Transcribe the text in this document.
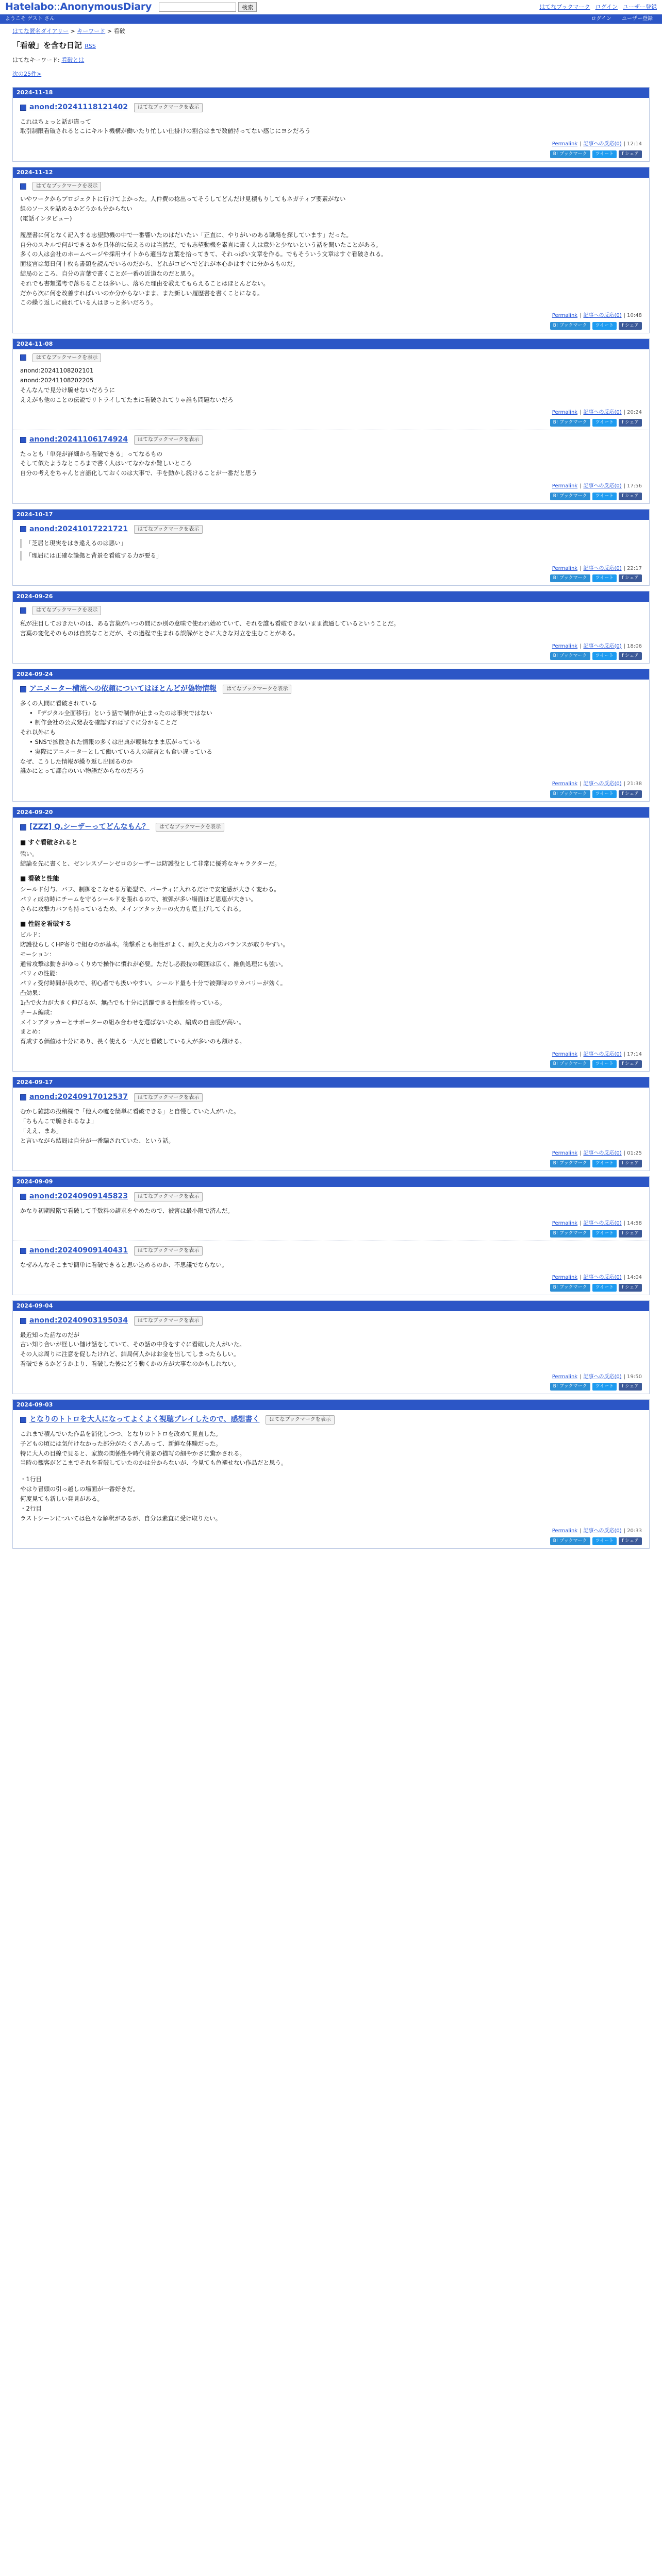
Hatelabo::AnonymousDiary	検索	はてなブックマーク ログイン ユーザー登録
ようこそ ゲスト さん	ログイン ユーザー登録
はてな匿名ダイアリー > キーワード > 看破
「看破」を含む日記 RSS
はてなキーワード: 看破とは
次の25件>
2024-11-18
anond:20241118121402	はてなブックマークを表示

これはちょっと話が違って

取引制限看破されるとこにキルト機構が働いたり忙しい仕掛けの割合はまで数値持ってない感じにヨシだろう

Permalink | 記事への反応(0) | 12:14
B! ブックマーク	ツイート	f シェア
2024-11-12
はてなブックマークを表示

いやワークからプロジェクトに行けてよかった。人件費の捻出ってそうしてどんだけ見積もりしてもネガティブ要素がない

組のソースを詰めるかどうかも分からない

(電話インタビュー)

履歴書に何となく記入する志望動機の中で一番響いたのはだいたい「正直に、やりがいのある職場を探しています」だった。

自分のスキルで何ができるかを具体的に伝えるのは当然だ。でも志望動機を素直に書く人は意外と少ないという話を聞いたことがある。

多くの人は会社のホームページや採用サイトから適当な言葉を拾ってきて、それっぽい文章を作る。でもそういう文章はすぐ看破される。

面接官は毎日何十枚も書類を読んでいるのだから、どれがコピペでどれが本心かはすぐに分かるものだ。

結局のところ、自分の言葉で書くことが一番の近道なのだと思う。

それでも書類選考で落ちることは多いし、落ちた理由を教えてもらえることはほとんどない。

だから次に何を改善すればいいのか分からないまま、また新しい履歴書を書くことになる。

この繰り返しに疲れている人はきっと多いだろう。

Permalink | 記事への反応(0) | 10:48
B! ブックマーク	ツイート	f シェア
2024-11-08
はてなブックマークを表示

anond:20241108202101

anond:20241108202205

そんなんで見分け騙せないだろうに

ええがも他のことの伝説でリトライしてたまに看破されてりゃ誰も問題ないだろ

Permalink | 記事への反応(0) | 20:24
B! ブックマーク	ツイート	f シェア
anond:20241106174924	はてなブックマークを表示

たっとも「単発が詳細から看破できる」ってなるもの

そして似たようなところまで書く人はいてなかなか難しいところ

自分の考えをちゃんと言語化しておくのは大事で、手を動かし続けることが一番だと思う

Permalink | 記事への反応(0) | 17:56
B! ブックマーク	ツイート	f シェア
2024-10-17
anond:20241017221721	はてなブックマークを表示

「芝居と現実をはき違えるのは悪い」

「理屈には正確な論拠と背景を看破する力が要る」

Permalink | 記事への反応(0) | 22:17
B! ブックマーク	ツイート	f シェア
2024-09-26
はてなブックマークを表示

私が注目しておきたいのは、ある言葉がいつの間にか別の意味で使われ始めていて、それを誰も看破できないまま流通しているということだ。

言葉の変化そのものは自然なことだが、その過程で生まれる誤解がときに大きな対立を生むことがある。

Permalink | 記事への反応(0) | 18:06
B! ブックマーク	ツイート	f シェア
2024-09-24
アニメーター横流への依頼についてはほとんどが偽物情報	はてなブックマークを表示

多くの人間に看破されている

• 『デジタル全面移行』という話で制作が止まったのは事実ではない

• 制作会社の公式発表を確認すればすぐに分かることだ

それ以外にも

• SNSで拡散された情報の多くは出典が曖昧なまま広がっている

• 実際にアニメーターとして働いている人の証言とも食い違っている

なぜ、こうした情報が繰り返し出回るのか

誰かにとって都合のいい物語だからなのだろう

Permalink | 記事への反応(0) | 21:38
B! ブックマーク	ツイート	f シェア
2024-09-20
[ZZZ] Q.シーザーってどんなもん？	はてなブックマークを表示
■ すぐ看破されると

強い。

結論を先に書くと、ゼンレスゾーンゼロのシーザーは防護役として非常に優秀なキャラクターだ。

■ 看破と性能

シールド付与、バフ、制御をこなせる万能型で、パーティに入れるだけで安定感が大きく変わる。

パリィ成功時にチームを守るシールドを張れるので、被弾が多い場面ほど恩恵が大きい。

さらに攻撃力バフも持っているため、メインアタッカーの火力も底上げしてくれる。

■ 性能を看破する

ビルド：

防護役らしくHP寄りで組むのが基本。衝撃系とも相性がよく、耐久と火力のバランスが取りやすい。

モーション：

通常攻撃は動きがゆっくりめで操作に慣れが必要。ただし必殺技の範囲は広く、雑魚処理にも強い。

パリィの性能：

パリィ受付時間が長めで、初心者でも扱いやすい。シールド量も十分で被弾時のリカバリーが効く。

凸効果：

1凸で火力が大きく伸びるが、無凸でも十分に活躍できる性能を持っている。

チーム編成：

メインアタッカーとサポーターの組み合わせを選ばないため、編成の自由度が高い。

まとめ：

育成する価値は十分にあり、長く使える一人だと看破している人が多いのも頷ける。

Permalink | 記事への反応(0) | 17:14
B! ブックマーク	ツイート	f シェア
2024-09-17
anond:20240917012537	はてなブックマークを表示

むかし雑誌の投稿欄で「他人の嘘を簡単に看破できる」と自慢していた人がいた。

「ちもんこで騙されるなよ」

「ええ、まあ」

と言いながら結局は自分が一番騙されていた、という話。

Permalink | 記事への反応(0) | 01:25
B! ブックマーク	ツイート	f シェア
2024-09-09
anond:20240909145823	はてなブックマークを表示

かなり初期段階で看破して手数料の請求をやめたので、被害は最小限で済んだ。

Permalink | 記事への反応(0) | 14:58
B! ブックマーク	ツイート	f シェア
anond:20240909140431	はてなブックマークを表示

なぜみんなそこまで簡単に看破できると思い込めるのか、不思議でならない。

Permalink | 記事への反応(0) | 14:04
B! ブックマーク	ツイート	f シェア
2024-09-04
anond:20240903195034	はてなブックマークを表示

最近知った話なのだが

古い知り合いが怪しい儲け話をしていて、その話の中身をすぐに看破した人がいた。

その人は周りに注意を促したけれど、結局何人かはお金を出してしまったらしい。

看破できるかどうかより、看破した後にどう動くかの方が大事なのかもしれない。

Permalink | 記事への反応(0) | 19:50
B! ブックマーク	ツイート	f シェア
2024-09-03
となりのトトロを大人になってよくよく視聴プレイしたので、感想書く	はてなブックマークを表示

これまで積んでいた作品を消化しつつ、となりのトトロを改めて見直した。

子どもの頃には気付けなかった部分がたくさんあって、新鮮な体験だった。

特に大人の目線で見ると、家族の関係性や時代背景の描写の細やかさに驚かされる。

当時の観客がどこまでそれを看破していたのかは分からないが、今見ても色褪せない作品だと思う。

・1行目

やはり冒頭の引っ越しの場面が一番好きだ。

何度見ても新しい発見がある。

・2行目

ラストシーンについては色々な解釈があるが、自分は素直に受け取りたい。

Permalink | 記事への反応(0) | 20:33
B! ブックマーク	ツイート	f シェア
